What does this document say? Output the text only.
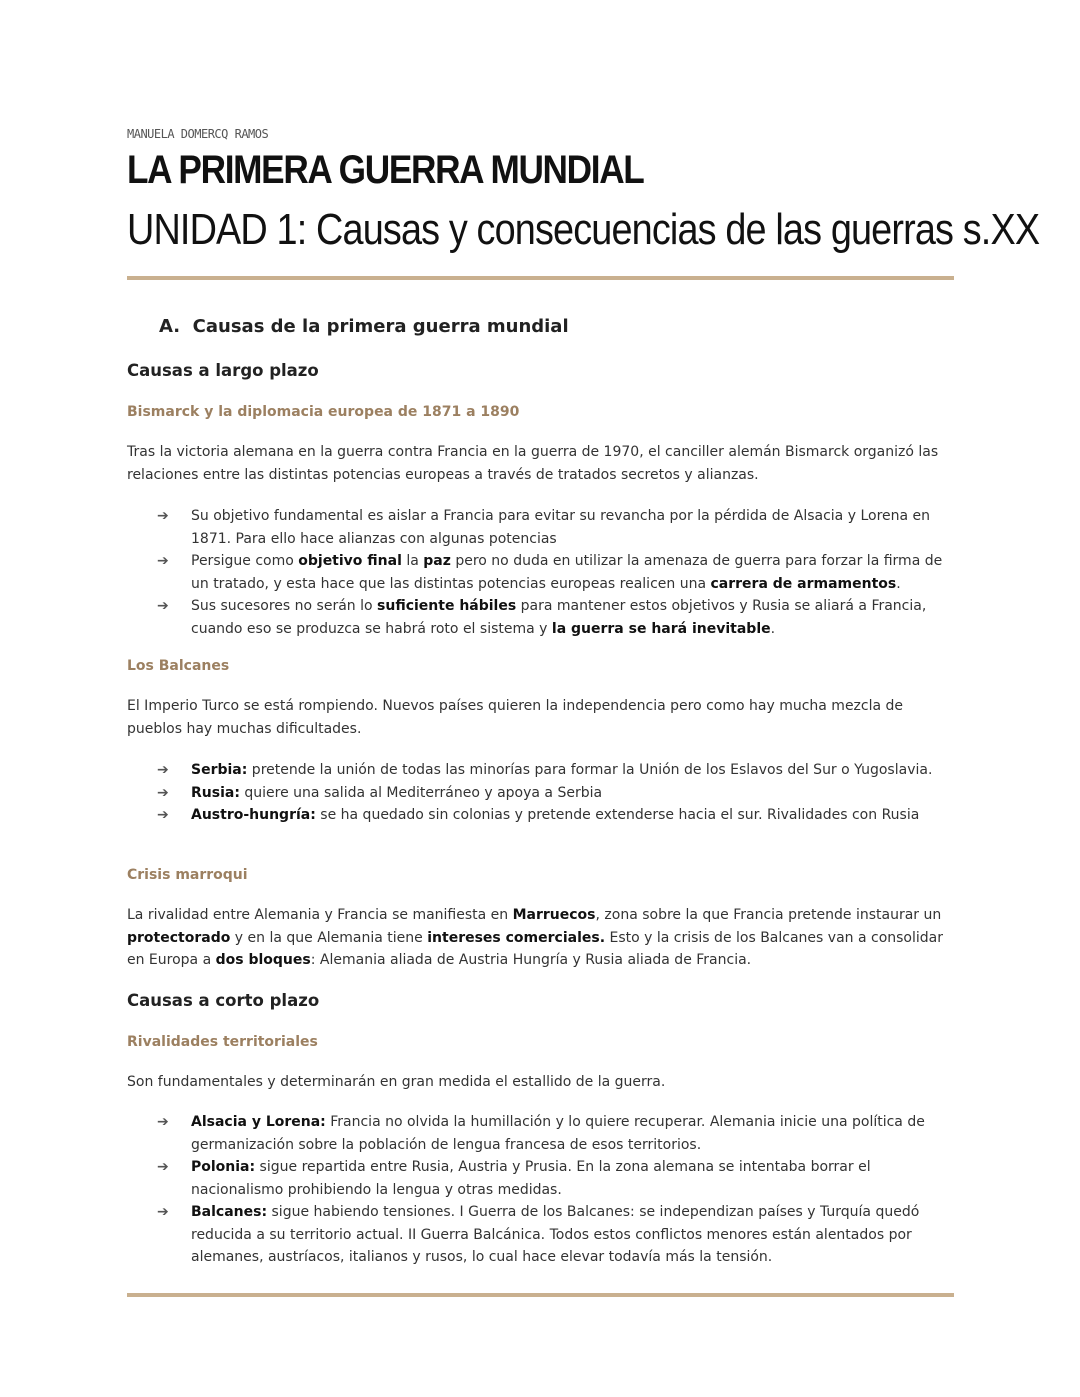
MANUELA DOMERCQ RAMOS
LA PRIMERA GUERRA MUNDIAL
UNIDAD 1: Causas y consecuencias de las guerras s.XX
A. Causas de la primera guerra mundial
Causas a largo plazo
Bismarck y la diplomacia europea de 1871 a 1890
Tras la victoria alemana en la guerra contra Francia en la guerra de 1970, el canciller alemán Bismarck organizó las relaciones entre las distintas potencias europeas a través de tratados secretos y alianzas.
➔ Su objetivo fundamental es aislar a Francia para evitar su revancha por la pérdida de Alsacia y Lorena en 1871. Para ello hace alianzas con algunas potencias
➔ Persigue como objetivo final la paz pero no duda en utilizar la amenaza de guerra para forzar la firma de un tratado, y esta hace que las distintas potencias europeas realicen una carrera de armamentos.
➔ Sus sucesores no serán lo suficiente hábiles para mantener estos objetivos y Rusia se aliará a Francia, cuando eso se produzca se habrá roto el sistema y la guerra se hará inevitable.
Los Balcanes
El Imperio Turco se está rompiendo. Nuevos países quieren la independencia pero como hay mucha mezcla de pueblos hay muchas dificultades.
➔ Serbia: pretende la unión de todas las minorías para formar la Unión de los Eslavos del Sur o Yugoslavia.
➔ Rusia: quiere una salida al Mediterráneo y apoya a Serbia
➔ Austro-hungría: se ha quedado sin colonias y pretende extenderse hacia el sur. Rivalidades con Rusia
Crisis marroqui
La rivalidad entre Alemania y Francia se manifiesta en Marruecos, zona sobre la que Francia pretende instaurar un protectorado y en la que Alemania tiene intereses comerciales. Esto y la crisis de los Balcanes van a consolidar en Europa a dos bloques: Alemania aliada de Austria Hungría y Rusia aliada de Francia.
Causas a corto plazo
Rivalidades territoriales
Son fundamentales y determinarán en gran medida el estallido de la guerra.
➔ Alsacia y Lorena: Francia no olvida la humillación y lo quiere recuperar. Alemania inicie una política de germanización sobre la población de lengua francesa de esos territorios.
➔ Polonia: sigue repartida entre Rusia, Austria y Prusia. En la zona alemana se intentaba borrar el nacionalismo prohibiendo la lengua y otras medidas.
➔ Balcanes: sigue habiendo tensiones. I Guerra de los Balcanes: se independizan países y Turquía quedó reducida a su territorio actual. II Guerra Balcánica. Todos estos conflictos menores están alentados por alemanes, austríacos, italianos y rusos, lo cual hace elevar todavía más la tensión.
